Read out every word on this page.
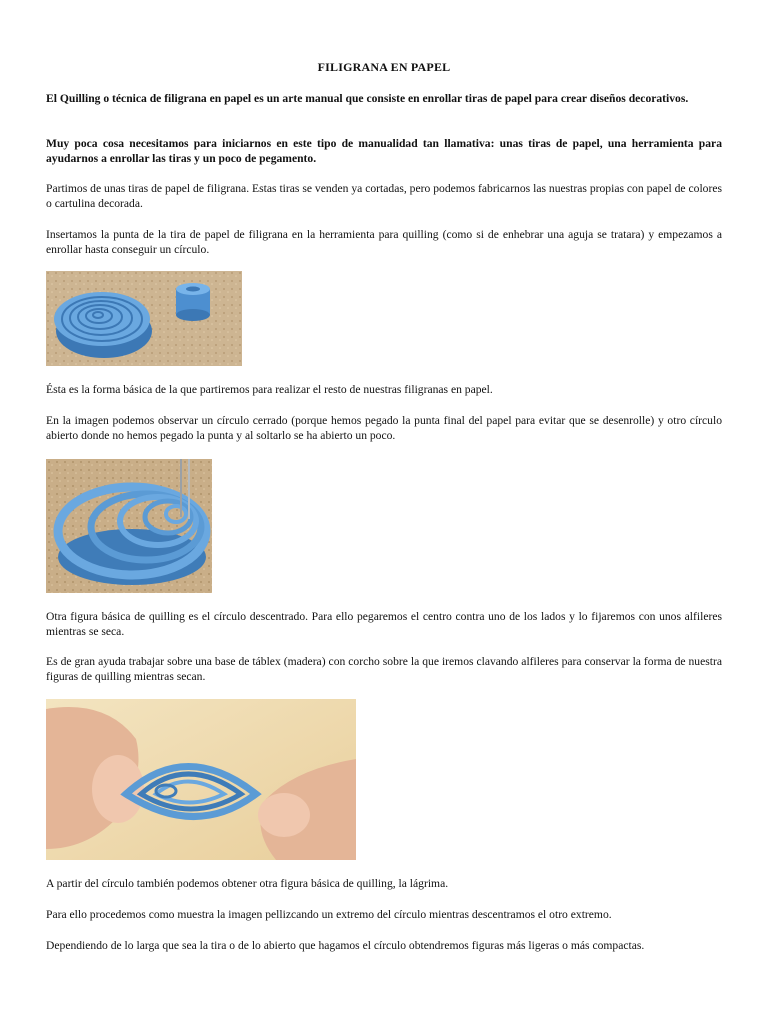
FILIGRANA EN PAPEL

El Quilling o técnica de filigrana en papel es un arte manual que consiste en enrollar tiras de papel para crear diseños decorativos.

Muy poca cosa necesitamos para iniciarnos en este tipo de manualidad tan llamativa: unas tiras de papel, una herramienta para ayudarnos a enrollar las tiras y un poco de pegamento.

Partimos de unas tiras de papel de filigrana. Estas tiras se venden ya cortadas, pero podemos fabricarnos las nuestras propias con papel de colores o cartulina decorada.

Insertamos la punta de la tira de papel de filigrana en la herramienta para quilling (como si de enhebrar una aguja se tratara) y empezamos a enrollar hasta conseguir un círculo.

Ésta es la forma básica de la que partiremos para realizar el resto de nuestras filigranas en papel.

En la imagen podemos observar un círculo cerrado (porque hemos pegado la punta final del papel para evitar que se desenrolle) y otro círculo abierto donde no hemos pegado la punta y al soltarlo se ha abierto un poco.

Otra figura básica de quilling es el círculo descentrado. Para ello pegaremos el centro contra uno de los lados y lo fijaremos con unos alfileres mientras se seca.

Es de gran ayuda trabajar sobre una base de táblex (madera) con corcho sobre la que iremos clavando alfileres para conservar la forma de nuestra figuras de quilling mientras secan.

A partir del círculo también podemos obtener otra figura básica de quilling, la lágrima.

Para ello procedemos como muestra la imagen pellizcando un extremo del círculo mientras descentramos el otro extremo.

Dependiendo de lo larga que sea la tira o de lo abierto que hagamos el círculo obtendremos figuras más ligeras o más compactas.
